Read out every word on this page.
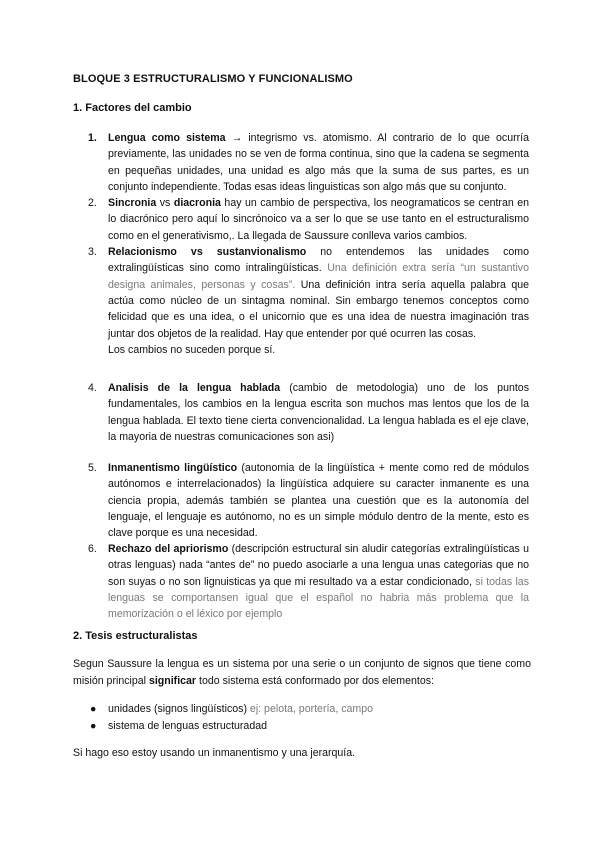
BLOQUE 3 ESTRUCTURALISMO Y FUNCIONALISMO
1. Factores del cambio

1. Lengua como sistema → integrismo vs. atomismo. Al contrario de lo que ocurría previamente, las unidades no se ven de forma continua, sino que la cadena se segmenta en pequeñas unidades, una unidad es algo más que la suma de sus partes, es un conjunto independiente. Todas esas ideas linguisticas son algo más que su conjunto.

2. Sincronia vs diacronia hay un cambio de perspectiva, los neogramaticos se centran en lo diacrónico pero aquí lo sincrónoico va a ser lo que se use tanto en el estructuralismo como en el generativismo,. La llegada de Saussure conlleva varios cambios.

3. Relacionismo vs sustanvionalismo no entendemos las unidades como extralingüísticas sino como intralingüísticas. Una definición extra sería “un sustantivo designa animales, personas y cosas”. Una definición intra sería aquella palabra que actúa como núcleo de un sintagma nominal. Sin embargo tenemos conceptos como felicidad que es una idea, o el unicornio que es una idea de nuestra imaginación tras juntar dos objetos de la realidad. Hay que entender por qué ocurren las cosas.

Los cambios no suceden porque sí.

4. Analisis de la lengua hablada (cambio de metodologia) uno de los puntos fundamentales, los cambios en la lengua escrita son muchos mas lentos que los de la lengua hablada. El texto tiene cierta convencionalidad. La lengua hablada es el eje clave, la mayoria de nuestras comunicaciones son asi)

5. Inmanentismo lingüístico (autonomia de la lingüística + mente como red de módulos autónomos e interrelacionados) la lingüística adquiere su caracter inmanente es una ciencia propia, además también se plantea una cuestión que es la autonomía del lenguaje, el lenguaje es autónomo, no es un simple módulo dentro de la mente, esto es clave porque es una necesidad.

6. Rechazo del apriorismo (descripción estructural sin aludir categorías extralingüísticas u otras lenguas) nada “antes de” no puedo asociarle a una lengua unas categorias que no son suyas o no son lignuisticas ya que mi resultado va a estar condicionado, si todas las lenguas se comportansen igual que el español no habria más problema que la memorización o el léxico por ejemplo

2. Tesis estructuralistas

Segun Saussure la lengua es un sistema por una serie o un conjunto de signos que tiene como misión principal significar todo sistema está conformado por dos elementos:

● unidades (signos lingüísticos) ej: pelota, portería, campo
● sistema de lenguas estructuradad

Si hago eso estoy usando un inmanentismo y una jerarquía.
